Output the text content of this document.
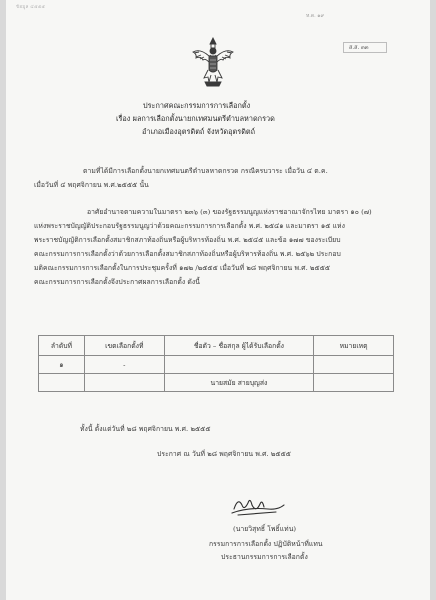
ข้อมูล ๔๕๕๕
ห.ด. ๑๙
ส.ส. ๓๓
ประกาศคณะกรรมการการเลือกตั้ง
เรื่อง ผลการเลือกตั้งนายกเทศมนตรีตำบลหาดกรวด
อำเภอเมืองอุตรดิตถ์ จังหวัดอุตรดิตถ์
ตามที่ได้มีการเลือกตั้งนายกเทศมนตรีตำบลหาดกรวด กรณีครบวาระ เมื่อวัน ๔ ต.ค.
เมื่อวันที่ ๔ พฤศจิกายน พ.ศ.๒๕๕๕ นั้น
อาศัยอำนาจตามความในมาตรา ๒๓๖ (๓) ของรัฐธรรมนูญแห่งราชอาณาจักรไทย มาตรา ๑๐ (๗)
แห่งพระราชบัญญัติประกอบรัฐธรรมนูญว่าด้วยคณะกรรมการการเลือกตั้ง พ.ศ. ๒๕๔๑ และมาตรา ๑๕ แห่ง
พระราชบัญญัติการเลือกตั้งสมาชิกสภาท้องถิ่นหรือผู้บริหารท้องถิ่น พ.ศ. ๒๕๔๕ และข้อ ๑๗๗ ของระเบียบ
คณะกรรมการการเลือกตั้งว่าด้วยการเลือกตั้งสมาชิกสภาท้องถิ่นหรือผู้บริหารท้องถิ่น พ.ศ. ๒๕๖๒ ประกอบ
มติคณะกรรมการการเลือกตั้งในการประชุมครั้งที่ ๑๗๒ /๒๕๕๕ เมื่อวันที่ ๒๘ พฤศจิกายน พ.ศ. ๒๕๕๕
คณะกรรมการการเลือกตั้งจึงประกาศผลการเลือกตั้ง ดังนี้
ลำดับที่	เขตเลือกตั้งที่	ชื่อตัว – ชื่อสกุล ผู้ได้รับเลือกตั้ง	หมายเหตุ
๑	-		
		นายสมัย สายบุญส่ง	
ทั้งนี้ ตั้งแต่วันที่ ๒๘ พฤศจิกายน พ.ศ. ๒๕๕๕
ประกาศ ณ วันที่ ๒๘ พฤศจิกายน พ.ศ. ๒๕๕๕
(นายวิสุทธิ์ โพธิ์แท่น)
กรรมการการเลือกตั้ง ปฏิบัติหน้าที่แทน
ประธานกรรมการการเลือกตั้ง
